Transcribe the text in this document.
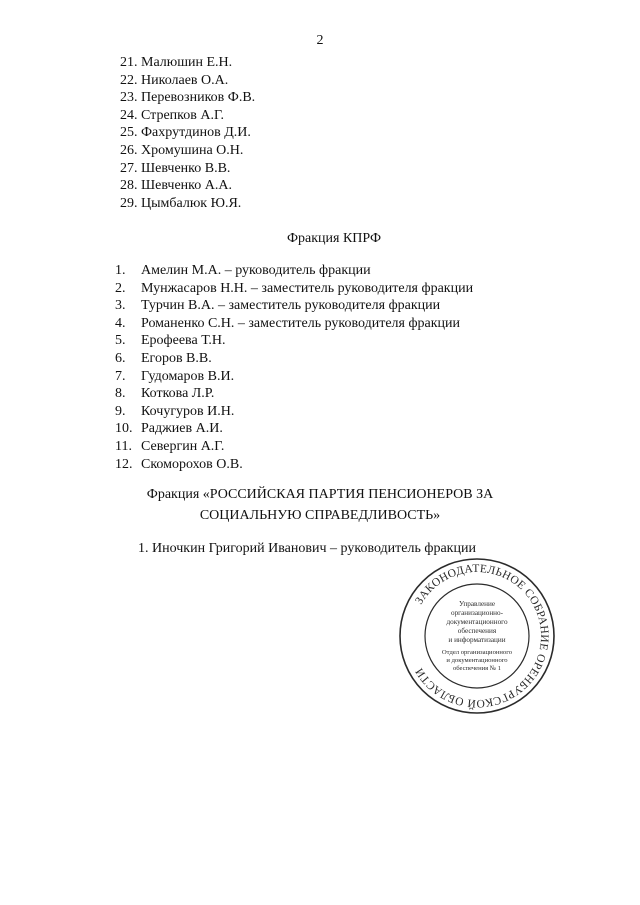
2
21. Малюшин Е.Н.
22. Николаев О.А.
23. Перевозников Ф.В.
24. Стрепков А.Г.
25. Фахрутдинов Д.И.
26. Хромушина О.Н.
27. Шевченко В.В.
28. Шевченко А.А.
29. Цымбалюк Ю.Я.
Фракция КПРФ
1. Амелин М.А. – руководитель фракции
2. Мунжасаров Н.Н. – заместитель руководителя фракции
3. Турчин В.А. – заместитель руководителя фракции
4. Романенко С.Н. – заместитель руководителя фракции
5. Ерофеева Т.Н.
6. Егоров В.В.
7. Гудомаров В.И.
8. Коткова Л.Р.
9. Кочугуров И.Н.
10. Раджиев А.И.
11. Севергин А.Г.
12. Скоморохов О.В.
Фракция «РОССИЙСКАЯ ПАРТИЯ ПЕНСИОНЕРОВ ЗА
СОЦИАЛЬНУЮ СПРАВЕДЛИВОСТЬ»
1. Иночкин Григорий Иванович – руководитель фракции
ЗАКОНОДАТЕЛЬНОЕ СОБРАНИЕ ОРЕНБУРГСКОЙ ОБЛАСТИ
Управление
организационно-
документационного
обеспечения
и информатизации
Отдел организационного
и документационного
обеспечения № 1
